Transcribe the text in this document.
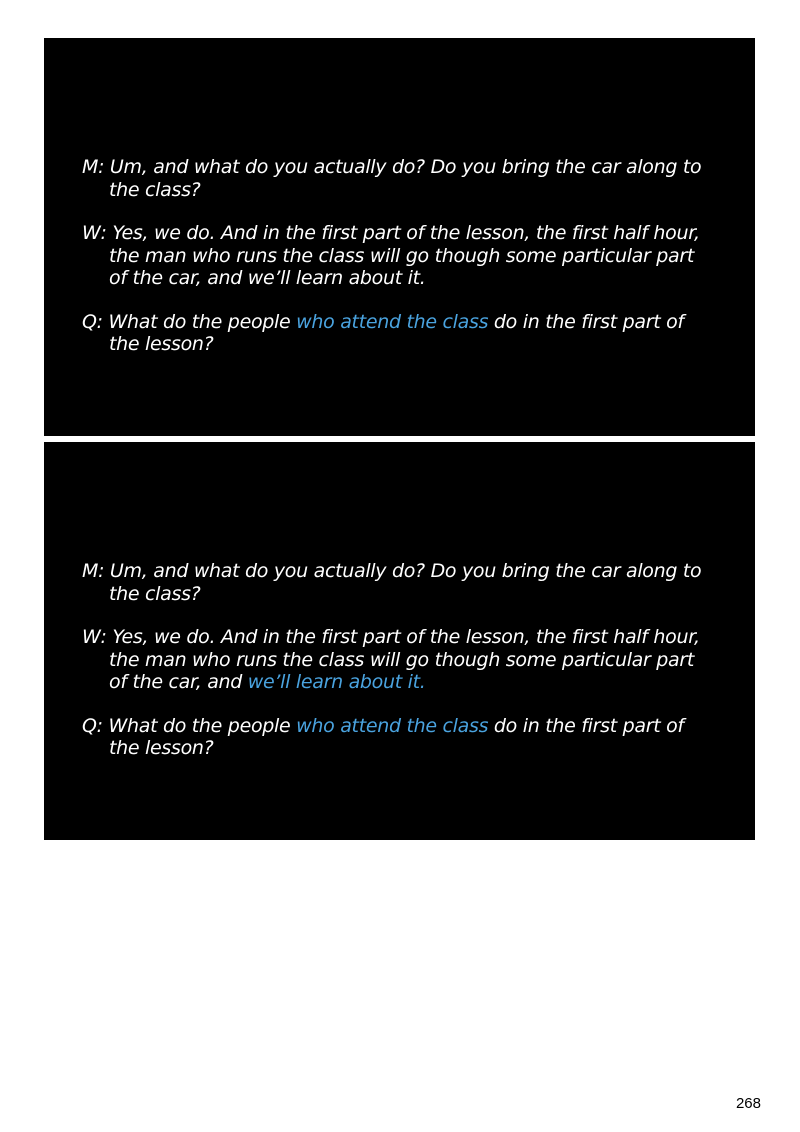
M: Um, and what do you actually do? Do you bring the car along to the class?

W: Yes, we do. And in the first part of the lesson, the first half hour, the man who runs the class will go though some particular part of the car, and we’ll learn about it.

Q: What do the people who attend the class do in the first part of the lesson?

M: Um, and what do you actually do? Do you bring the car along to the class?

W: Yes, we do. And in the first part of the lesson, the first half hour, the man who runs the class will go though some particular part of the car, and we’ll learn about it.

Q: What do the people who attend the class do in the first part of the lesson?

268
